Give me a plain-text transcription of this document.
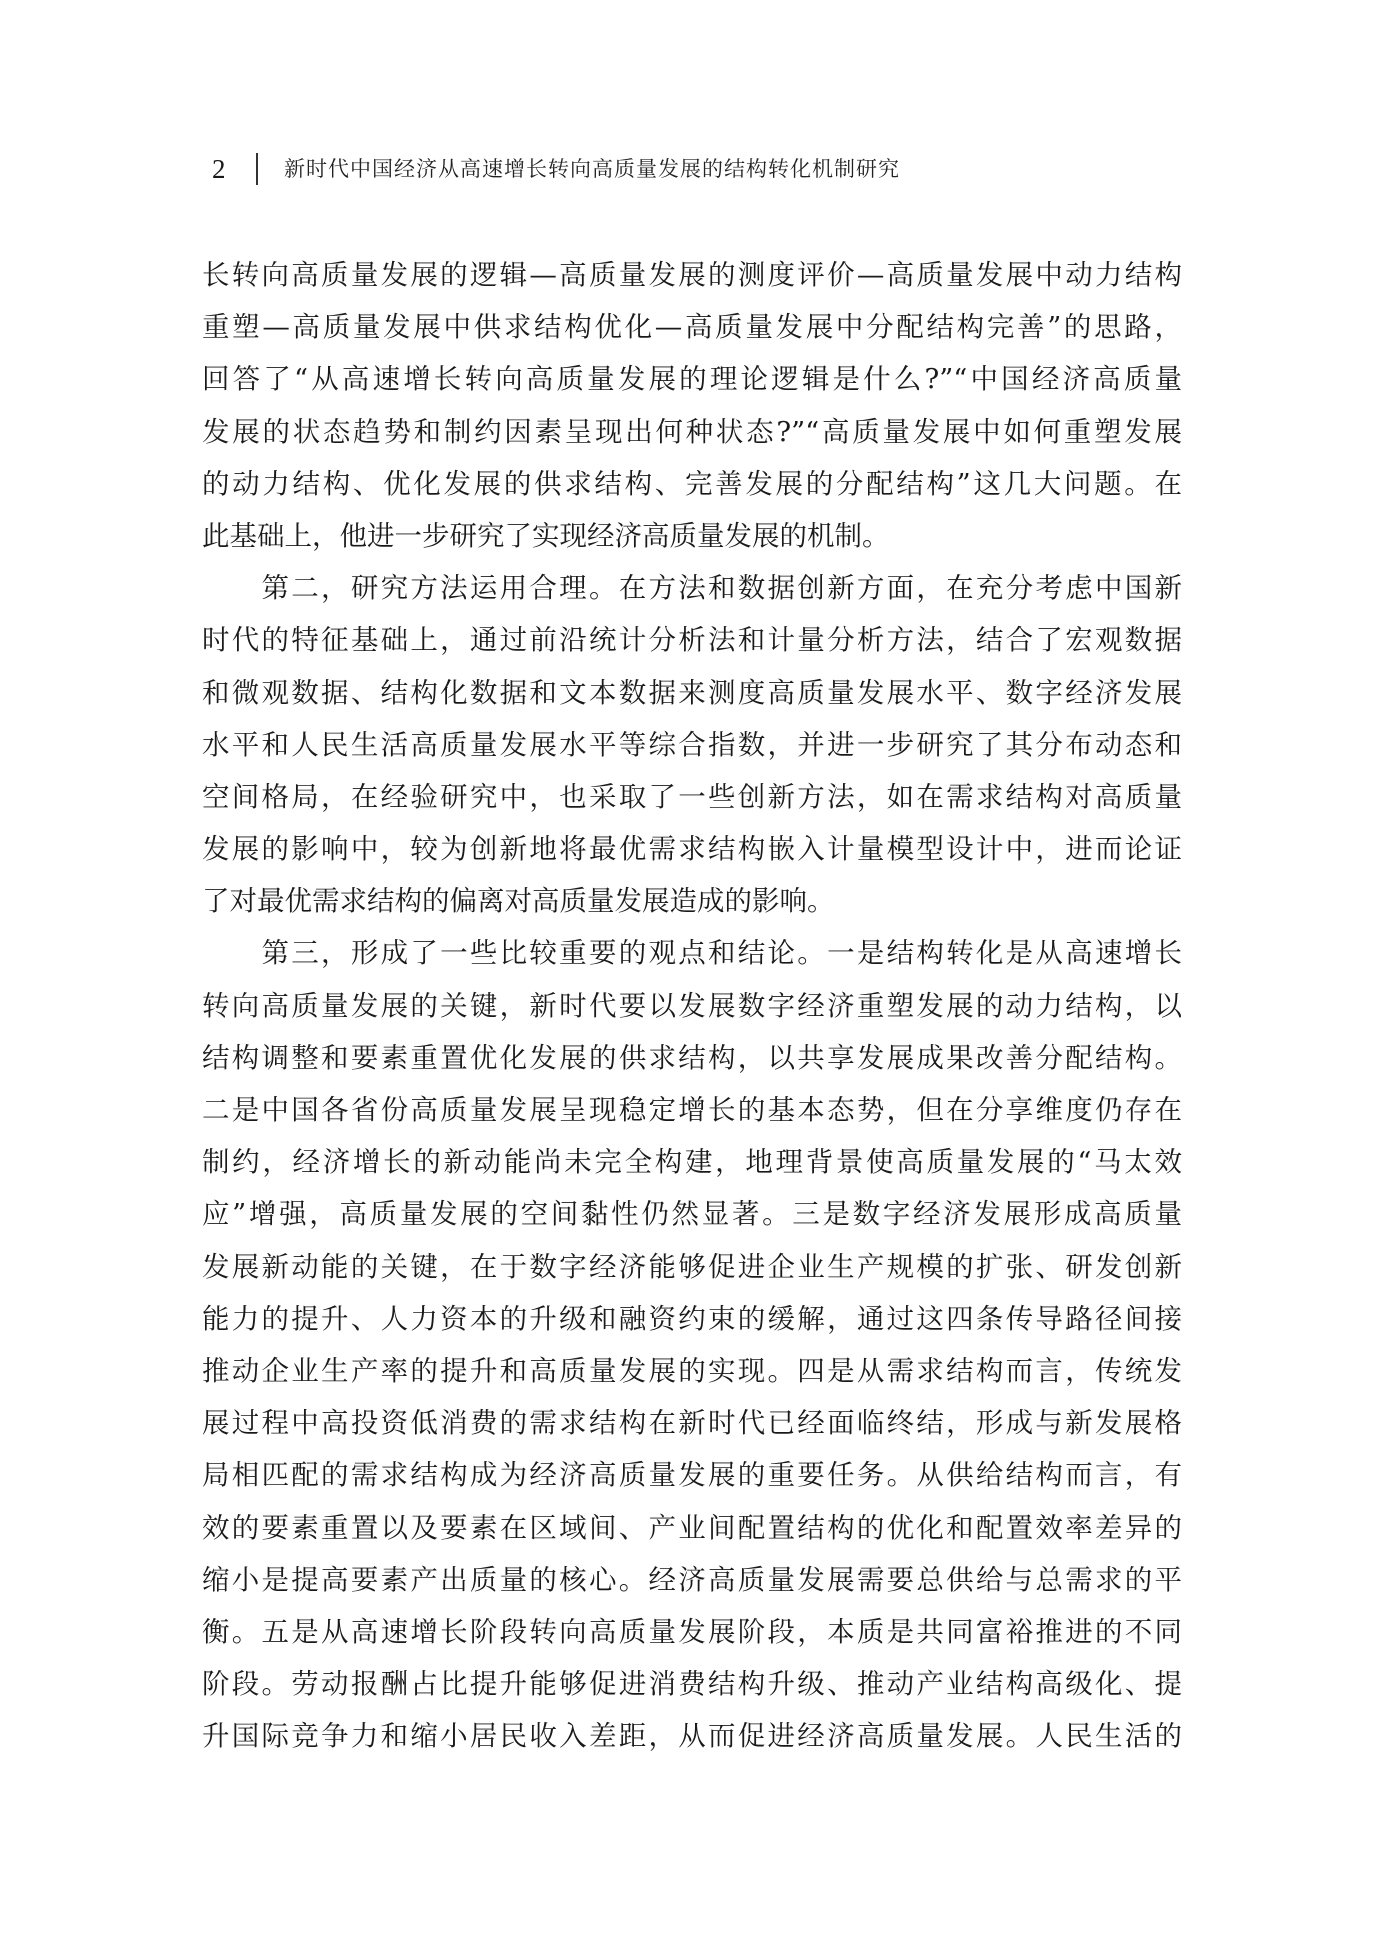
2	新时代中国经济从高速增长转向高质量发展的结构转化机制研究
长转向高质量发展的逻辑—高质量发展的测度评价—高质量发展中动力结构
重塑—高质量发展中供求结构优化—高质量发展中分配结构完善”的思路，
回答了“从高速增长转向高质量发展的理论逻辑是什么?”“中国经济高质量
发展的状态趋势和制约因素呈现出何种状态?”“高质量发展中如何重塑发展
的动力结构、优化发展的供求结构、完善发展的分配结构”这几大问题。在
此基础上，他进一步研究了实现经济高质量发展的机制。
　　第二，研究方法运用合理。在方法和数据创新方面，在充分考虑中国新
时代的特征基础上，通过前沿统计分析法和计量分析方法，结合了宏观数据
和微观数据、结构化数据和文本数据来测度高质量发展水平、数字经济发展
水平和人民生活高质量发展水平等综合指数，并进一步研究了其分布动态和
空间格局，在经验研究中，也采取了一些创新方法，如在需求结构对高质量
发展的影响中，较为创新地将最优需求结构嵌入计量模型设计中，进而论证
了对最优需求结构的偏离对高质量发展造成的影响。
　　第三，形成了一些比较重要的观点和结论。一是结构转化是从高速增长
转向高质量发展的关键，新时代要以发展数字经济重塑发展的动力结构，以
结构调整和要素重置优化发展的供求结构，以共享发展成果改善分配结构。
二是中国各省份高质量发展呈现稳定增长的基本态势，但在分享维度仍存在
制约，经济增长的新动能尚未完全构建，地理背景使高质量发展的“马太效
应”增强，高质量发展的空间黏性仍然显著。三是数字经济发展形成高质量
发展新动能的关键，在于数字经济能够促进企业生产规模的扩张、研发创新
能力的提升、人力资本的升级和融资约束的缓解，通过这四条传导路径间接
推动企业生产率的提升和高质量发展的实现。四是从需求结构而言，传统发
展过程中高投资低消费的需求结构在新时代已经面临终结，形成与新发展格
局相匹配的需求结构成为经济高质量发展的重要任务。从供给结构而言，有
效的要素重置以及要素在区域间、产业间配置结构的优化和配置效率差异的
缩小是提高要素产出质量的核心。经济高质量发展需要总供给与总需求的平
衡。五是从高速增长阶段转向高质量发展阶段，本质是共同富裕推进的不同
阶段。劳动报酬占比提升能够促进消费结构升级、推动产业结构高级化、提
升国际竞争力和缩小居民收入差距，从而促进经济高质量发展。人民生活的
